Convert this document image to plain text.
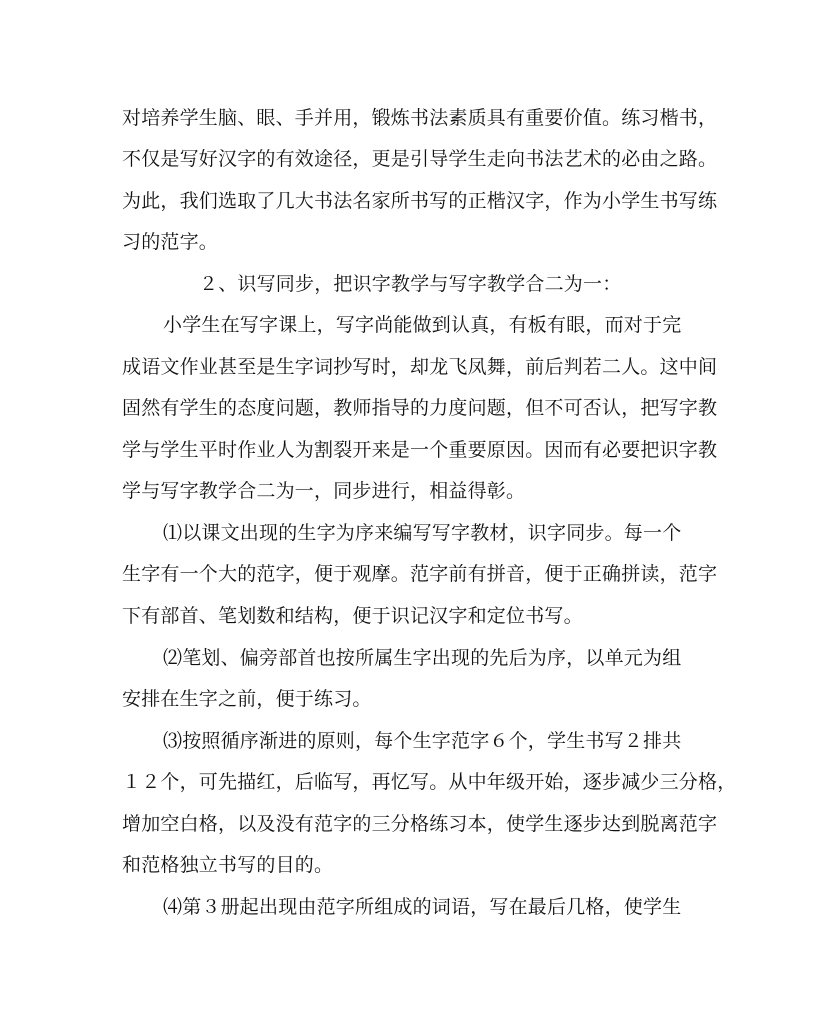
对培养学生脑、眼、手并用，锻炼书法素质具有重要价值。练习楷书，
不仅是写好汉字的有效途径，更是引导学生走向书法艺术的必由之路。
为此，我们选取了几大书法名家所书写的正楷汉字，作为小学生书写练
习的范字。
２、识写同步，把识字教学与写字教学合二为一：
小学生在写字课上，写字尚能做到认真，有板有眼，而对于完
成语文作业甚至是生字词抄写时，却龙飞凤舞，前后判若二人。这中间
固然有学生的态度问题，教师指导的力度问题，但不可否认，把写字教
学与学生平时作业人为割裂开来是一个重要原因。因而有必要把识字教
学与写字教学合二为一，同步进行，相益得彰。
⑴以课文出现的生字为序来编写写字教材，识字同步。每一个
生字有一个大的范字，便于观摩。范字前有拼音，便于正确拼读，范字
下有部首、笔划数和结构，便于识记汉字和定位书写。
⑵笔划、偏旁部首也按所属生字出现的先后为序，以单元为组
安排在生字之前，便于练习。
⑶按照循序渐进的原则，每个生字范字６个，学生书写２排共
１２个，可先描红，后临写，再忆写。从中年级开始，逐步减少三分格，
增加空白格，以及没有范字的三分格练习本，使学生逐步达到脱离范字
和范格独立书写的目的。
⑷第３册起出现由范字所组成的词语，写在最后几格，使学生
